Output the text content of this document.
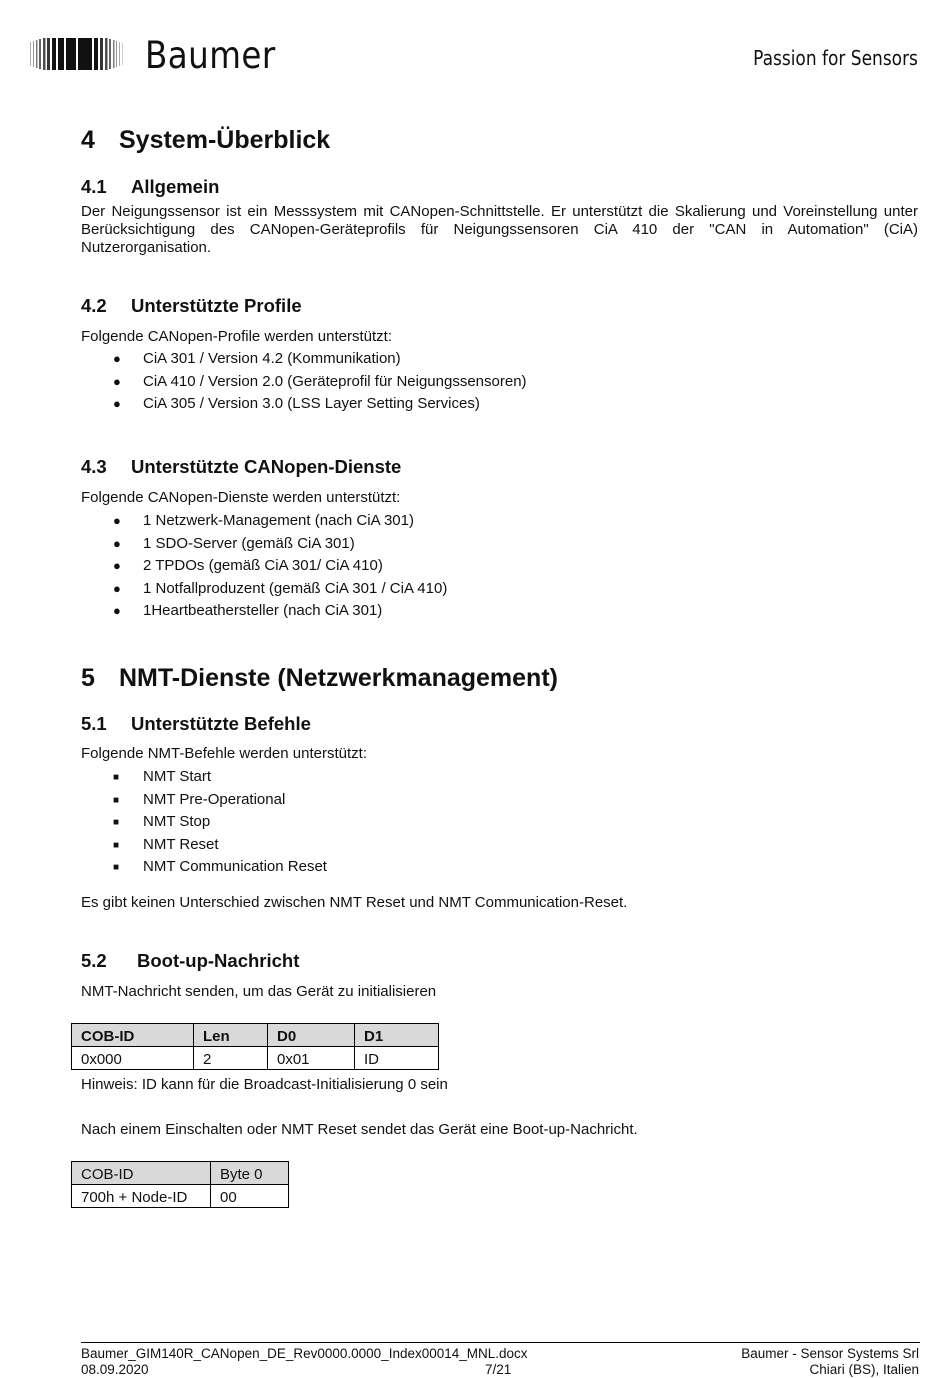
Baumer	Passion for Sensors
4 System-Überblick
4.1 Allgemein

Der Neigungssensor ist ein Messsystem mit CANopen-Schnittstelle. Er unterstützt die Skalierung und Voreinstellung unter Berücksichtigung des CANopen-Geräteprofils für Neigungssensoren CiA 410 der "CAN in Automation" (CiA) Nutzerorganisation.

4.2 Unterstützte Profile

Folgende CANopen-Profile werden unterstützt:

● CiA 301 / Version 4.2 (Kommunikation)
● CiA 410 / Version 2.0 (Geräteprofil für Neigungssensoren)
● CiA 305 / Version 3.0 (LSS Layer Setting Services)
4.3 Unterstützte CANopen-Dienste

Folgende CANopen-Dienste werden unterstützt:

● 1 Netzwerk-Management (nach CiA 301)
● 1 SDO-Server (gemäß CiA 301)
● 2 TPDOs (gemäß CiA 301/ CiA 410)
● 1 Notfallproduzent (gemäß CiA 301 / CiA 410)
● 1Heartbeathersteller (nach CiA 301)
5 NMT-Dienste (Netzwerkmanagement)
5.1 Unterstützte Befehle

Folgende NMT-Befehle werden unterstützt:

■ NMT Start
■ NMT Pre-Operational
■ NMT Stop
■ NMT Reset
■ NMT Communication Reset

Es gibt keinen Unterschied zwischen NMT Reset und NMT Communication-Reset.

5.2 Boot-up-Nachricht

NMT-Nachricht senden, um das Gerät zu initialisieren

COB-ID	Len	D0	D1
0x000	2	0x01	ID

Hinweis: ID kann für die Broadcast-Initialisierung 0 sein

Nach einem Einschalten oder NMT Reset sendet das Gerät eine Boot-up-Nachricht.

COB-ID	Byte 0
700h + Node-ID	00
Baumer_GIM140R_CANopen_DE_Rev0000.0000_Index00014_MNL.docx
08.09.2020	7/21
Baumer - Sensor Systems Srl
Chiari (BS), Italien
